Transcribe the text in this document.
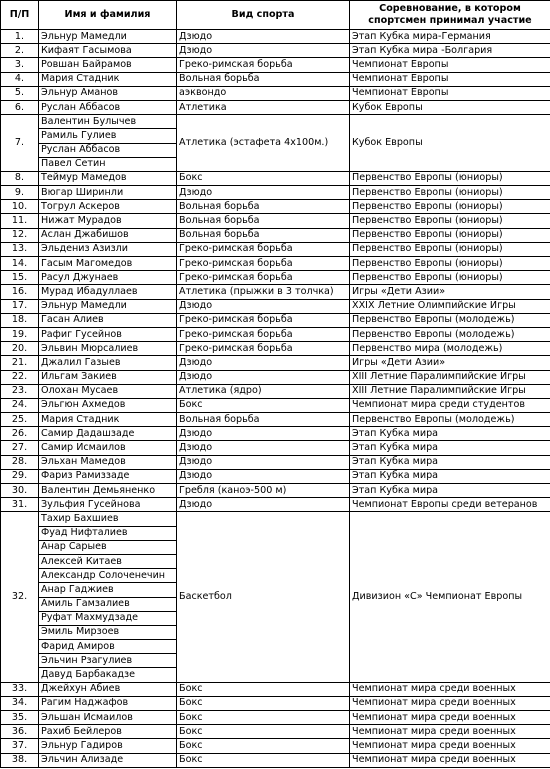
П/П	Имя и фамилия	Вид спорта	Соревнование, в котором спортсмен принимал участие
1.	Эльнур Мамедли	Дзюдо	Этап Кубка мира-Германия
2.	Кифаят Гасымова	Дзюдо	Этап Кубка мира -Болгария
3.	Ровшан Байрамов	Греко-римская борьба	Чемпионат Европы
4.	Мария Стадник	Вольная борьба	Чемпионат Европы
5.	Эльнур Аманов	аэквондо	Чемпионат Европы
6.	Руслан Аббасов	Атлетика	Кубок Европы
7.	Валентин Булычев	Атлетика (эстафета 4х100м.)	Кубок Европы
	Рамиль Гулиев		
	Руслан Аббасов		
	Павел Сетин		
8.	Теймур Мамедов	Бокс	Первенство Европы (юниоры)
9.	Вюгар Ширинли	Дзюдо	Первенство Европы (юниоры)
10.	Тогрул Аскеров	Вольная борьба	Первенство Европы (юниоры)
11.	Нижат Мурадов	Вольная борьба	Первенство Европы (юниоры)
12.	Аслан Джабишов	Вольная борьба	Первенство Европы (юниоры)
13.	Эльдениз Азизли	Греко-римская борьба	Первенство Европы (юниоры)
14.	Гасым Магомедов	Греко-римская борьба	Первенство Европы (юниоры)
15.	Расул Джунаев	Греко-римская борьба	Первенство Европы (юниоры)
16.	Мурад Ибадуллаев	Атлетика (прыжки в 3 толчка)	Игры «Дети Азии»
17.	Эльнур Мамедли	Дзюдо	XXIX Летние Олимпийские Игры
18.	Гасан Алиев	Греко-римская борьба	Первенство Европы (молодежь)
19.	Рафиг Гусейнов	Греко-римская борьба	Первенство Европы (молодежь)
20.	Эльвин Мюрсалиев	Греко-римская борьба	Первенство мира (молодежь)
21.	Джалил Газыев	Дзюдо	Игры «Дети Азии»
22.	Ильгам Закиев	Дзюдо	XIII Летние Паралимпийские Игры
23.	Олохан Мусаев	Атлетика (ядро)	XIII Летние Паралимпийские Игры
24.	Эльгюн Ахмедов	Бокс	Чемпионат мира среди студентов
25.	Мария Стадник	Вольная борьба	Первенство Европы (молодежь)
26.	Самир Дадашзаде	Дзюдо	Этап Кубка мира
27.	Самир Исмаилов	Дзюдо	Этап Кубка мира
28.	Эльхан Мамедов	Дзюдо	Этап Кубка мира
29.	Фариз Рамиззаде	Дзюдо	Этап Кубка мира
30.	Валентин Демьяненко	Гребля (каноэ-500 м)	Этап Кубка мира
31.	Зульфия Гусейнова	Дзюдо	Чемпионат Европы среди ветеранов
32.	Тахир Бахшиев	Баскетбол	Дивизион «С» Чемпионат Европы
	Фуад Нифталиев		
	Анар Сарыев		
	Алексей Китаев		
	Александр Солоченечин		
	Анар Гаджиев		
	Амиль Гамзалиев		
	Руфат Махмудзаде		
	Эмиль Мирзоев		
	Фарид Амиров		
	Эльчин Рзагулиев		
	Давуд Барбакадзе		
33.	Джейхун Абиев	Бокс	Чемпионат мира среди военных
34.	Рагим Наджафов	Бокс	Чемпионат мира среди военных
35.	Эльшан Исмаилов	Бокс	Чемпионат мира среди военных
36.	Рахиб Бейлеров	Бокс	Чемпионат мира среди военных
37.	Эльнур Гадиров	Бокс	Чемпионат мира среди военных
38.	Эльчин Ализаде	Бокс	Чемпионат мира среди военных
